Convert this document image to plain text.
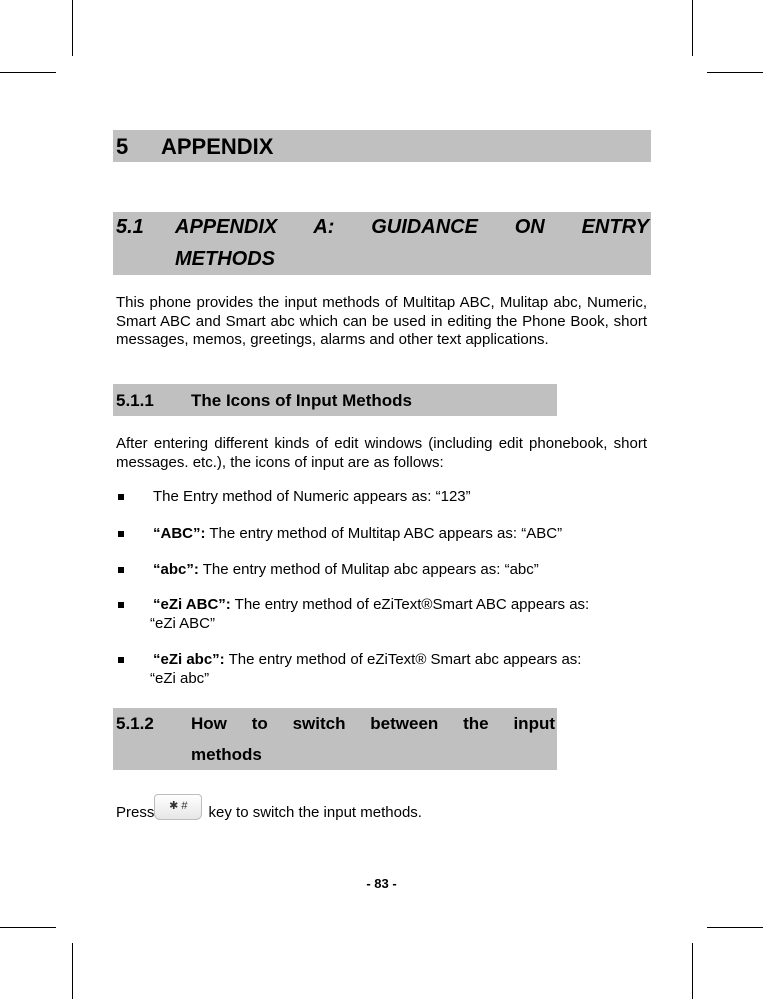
5 APPENDIX
5.1 APPENDIX A: GUIDANCE ON ENTRY
METHODS
This phone provides the input methods of Multitap ABC, Mulitap abc, Numeric, Smart ABC and Smart abc which can be used in editing the Phone Book, short messages, memos, greetings, alarms and other text applications.
5.1.1 The Icons of Input Methods
After entering different kinds of edit windows (including edit phonebook, short messages. etc.), the icons of input are as follows:
The Entry method of Numeric appears as: “123”
“ABC”: The entry method of Multitap ABC appears as: “ABC”
“abc”: The entry method of Mulitap abc appears as: “abc”
“eZi ABC”: The entry method of eZiText®Smart ABC appears as:
“eZi ABC”
“eZi abc”: The entry method of eZiText® Smart abc appears as:
“eZi abc”
5.1.2 How to switch between the input
methods
Press ✱ # key to switch the input methods.
- 83 -
